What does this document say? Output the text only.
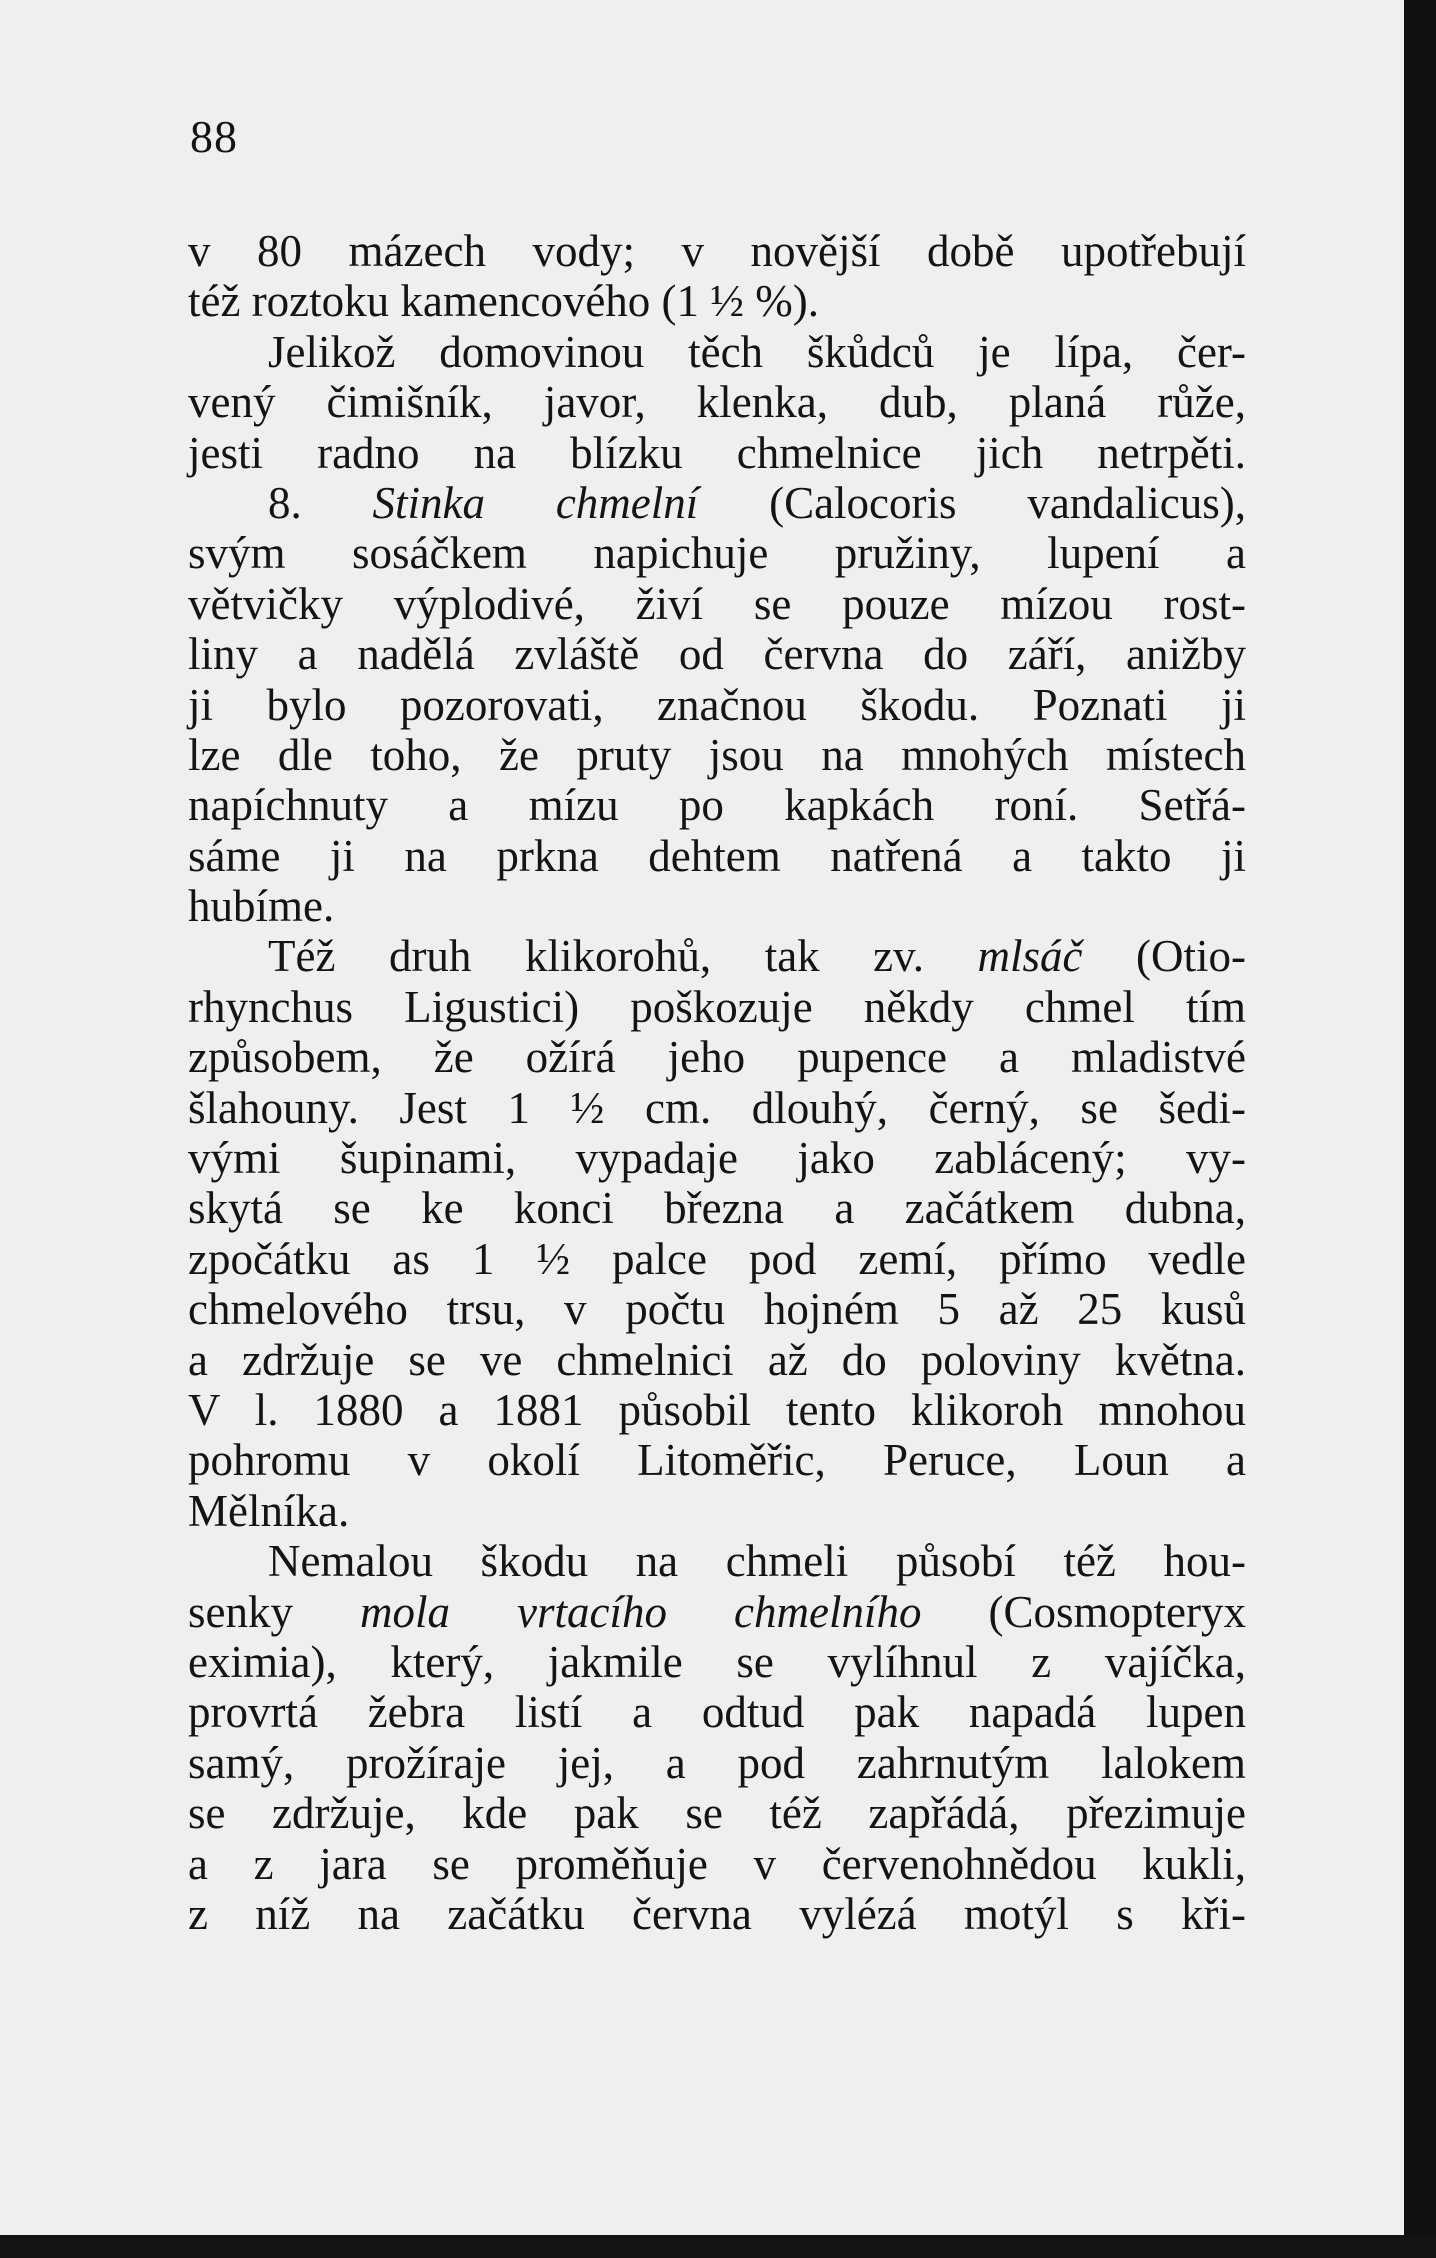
88
v 80 mázech vody; v novější době upotřebují
též roztoku kamencového (1 ½ %).
Jelikož domovinou těch škůdců je lípa, čer-
vený čimišník, javor, klenka, dub, planá růže,
jesti radno na blízku chmelnice jich netrpěti.
8. Stinka chmelní (Calocoris vandalicus),
svým sosáčkem napichuje pružiny, lupení a
větvičky výplodivé, živí se pouze mízou rost-
liny a nadělá zvláště od června do září, anižby
ji bylo pozorovati, značnou škodu. Poznati ji
lze dle toho, že pruty jsou na mnohých místech
napíchnuty a mízu po kapkách roní. Setřá-
sáme ji na prkna dehtem natřená a takto ji
hubíme.
Též druh klikorohů, tak zv. mlsáč (Otio-
rhynchus Ligustici) poškozuje někdy chmel tím
způsobem, že ožírá jeho pupence a mladistvé
šlahouny. Jest 1 ½ cm. dlouhý, černý, se šedi-
vými šupinami, vypadaje jako zablácený; vy-
skytá se ke konci března a začátkem dubna,
zpočátku as 1 ½ palce pod zemí, přímo vedle
chmelového trsu, v počtu hojném 5 až 25 kusů
a zdržuje se ve chmelnici až do poloviny května.
V l. 1880 a 1881 působil tento klikoroh mnohou
pohromu v okolí Litoměřic, Peruce, Loun a
Mělníka.
Nemalou škodu na chmeli působí též hou-
senky mola vrtacího chmelního (Cosmopteryx
eximia), který, jakmile se vylíhnul z vajíčka,
provrtá žebra listí a odtud pak napadá lupen
samý, prožíraje jej, a pod zahrnutým lalokem
se zdržuje, kde pak se též zapřádá, přezimuje
a z jara se proměňuje v červenohnědou kukli,
z níž na začátku června vylézá motýl s kři-
